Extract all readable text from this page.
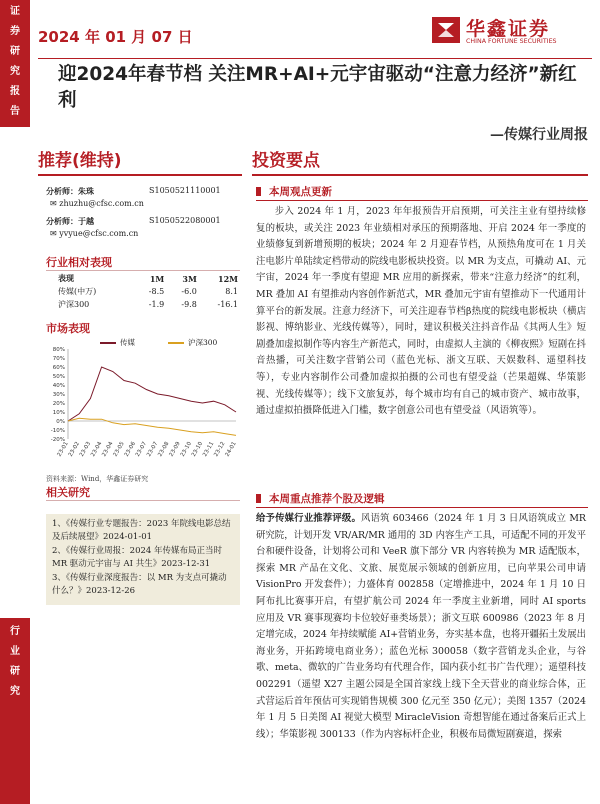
证
券
研
究
报
告
行
业
研
究
2024 年 01 月 07 日	华鑫证券
CHINA FORTUNE SECURITIES
迎2024年春节档 关注MR+AI+元宇宙驱动“注意力经济”新红利
—传媒行业周报
推荐(维持)	投资要点
分析师：朱珠	S1050521110001
✉ zhuzhu@cfsc.com.cn
分析师：于越	S1050522080001
✉ yvyue@cfsc.com.cn
行业相对表现
表现	1M	3M	12M
传媒(中万)	-8.5	-6.0	8.1
沪深300	-1.9	-9.8	-16.1
市场表现
传媒	沪深300
80%
70%
60%
50%
40%
30%
20%
10%
0%
-10%
-20%
23-01
23-02
23-03
23-04
23-04
23-05
23-06
23-07
23-07
23-08
23-09
23-10
23-10
23-11
23-12
24-01
资料来源：Wind，华鑫证券研究
相关研究

1、《传媒行业专题报告：2023 年院线电影总结及后续展望》2024-01-01

2、《传媒行业周报：2024 年传媒布局正当时 MR 驱动元宇宙与 AI 共生》2023-12-31

3、《传媒行业深度报告：以 MR 为支点可撬动什么？》2023-12-26

本周观点更新

步入 2024 年 1 月，2023 年年报预告开启预期，可关注主业有望持续修复的板块，或关注 2023 年业绩相对承压的预期落地、开启 2024 年一季度的业绩修复到新增预期的板块；2024 年 2 月迎春节档，从预热角度可在 1 月关注电影片单陆续定档带动的院线电影板块投资。以 MR 为支点，可撬动 AI、元宇宙，2024 年一季度有望迎 MR 应用的新探索，带来“注意力经济”的红利，MR 叠加 AI 有望推动内容创作新范式，MR 叠加元宇宙有望推动下一代通用计算平台的新发展。注意力经济下，可关注迎春节档β热度的院线电影板块（横店影视、博纳影业、光线传媒等），同时，建议积极关注抖音作品《其两人生》短剧叠加虚拟制作等内容生产新范式，同时，由虚拟人主演的《柳夜熙》短剧在抖音热播，可关注数字营销公司（蓝色光标、浙文互联、天娱数科、遥望科技等），专业内容制作公司叠加虚拟拍摄的公司也有望受益（芒果超媒、华策影视、光线传媒等）；线下文旅复苏，每个城市均有自己的城市资产、城市故事，通过虚拟拍摄降低进入门槛，数字创意公司也有望受益（风语筑等）。

本周重点推荐个股及逻辑

给予传媒行业推荐评级。风语筑 603466（2024 年 1 月 3 日风语筑成立 MR 研究院，计划开发 VR/AR/MR 通用的 3D 内容生产工具，可适配不同的开发平台和硬件设备，计划将公司和 VeeR 旗下部分 VR 内容转换为 MR 适配版本，探索 MR 产品在文化、文旅、展览展示领域的创新应用，已向苹果公司申请 VisionPro 开发套件）；力盛体育 002858（定增推进中，2024 年 1 月 10 日阿布扎比赛事开启，有望扩航公司 2024 年一季度主业新增，同时 AI sports 应用及 VR 赛事现赛均卡位较好垂类场景）；浙文互联 600986（2023 年 8 月定增完成，2024 年持续赋能 AI+营销业务，夯实基本盘，也将开疆拓土发展出海业务，开拓跨境电商业务）；蓝色光标 300058（数字营销龙头企业，与谷歌、meta、微软的广告业务均有代理合作，国内获小红书广告代理）；遥望科技 002291（遥望 X27 主题公园是全国首家线上线下全天营业的商业综合体，正式营运后首年预估可实现销售规模 300 亿元至 350 亿元）；美图 1357（2024 年 1 月 5 日美图 AI 视觉大模型 MiracleVision 奇想智能在通过备案后正式上线）；华策影视 300133（作为内容标杆企业，积极布局微短剧赛道，探索
